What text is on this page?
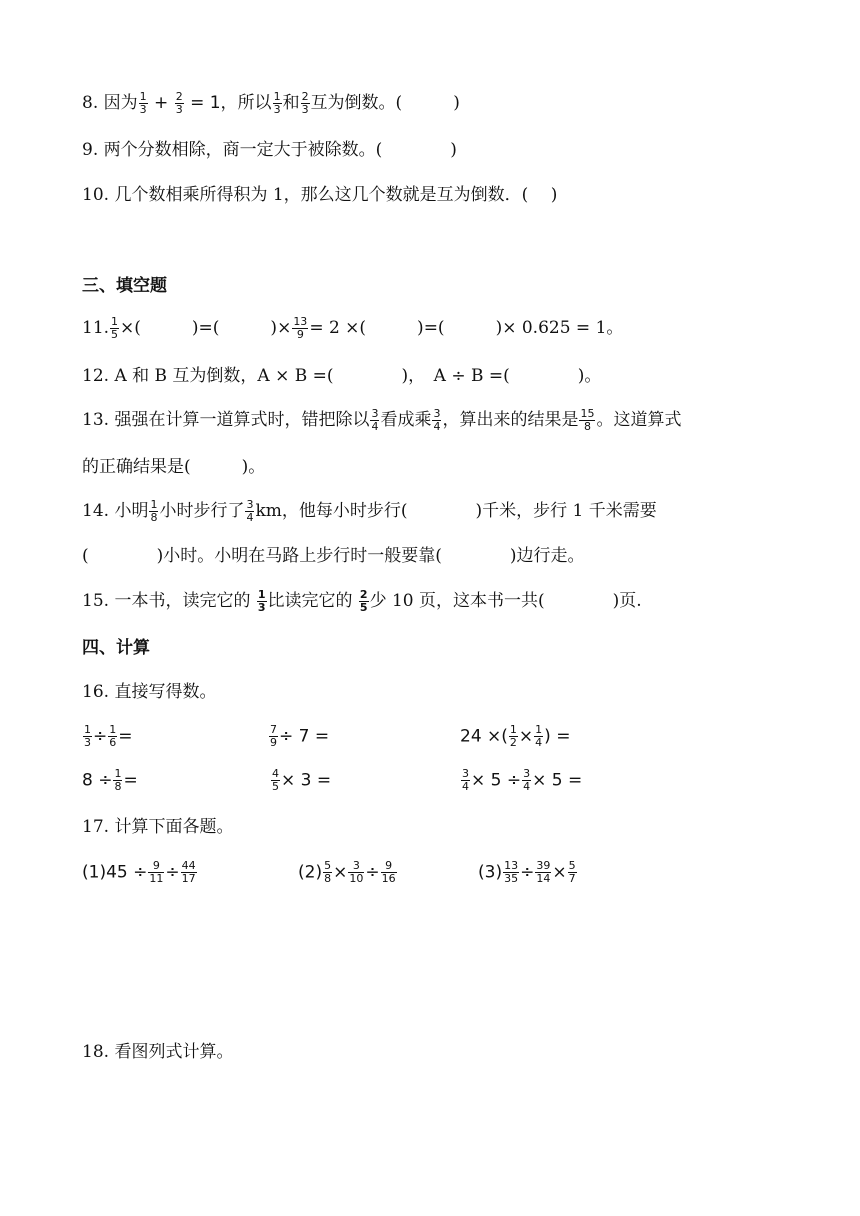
8. 因为 $\frac{1}{3} + \frac{2}{3} = 1$，所以 $\frac{1}{3}$ 和 $\frac{2}{3}$ 互为倒数。(　　　)
9. 两个分数相除，商一定大于被除数。(　　　　)
10. 几个数相乘所得积为 1，那么这几个数就是互为倒数．(　 )
三、填空题
11. $\frac{1}{5}$ ×(　　　)=(　　　)× $\frac{13}{9} = 2$ ×(　　　)=(　　　)× 0.625 = 1。
12. A 和 B 互为倒数，A × B =(　　　　)，　A ÷ B =(　　　　)。
13. 强强在计算一道算式时，错把除以 $\frac{3}{4}$ 看成乘 $\frac{3}{4}$ ，算出来的结果是 $\frac{15}{8}$ 。这道算式
的正确结果是(　　　)。
14. 小明 $\frac{1}{8}$ 小时步行了 $\frac{3}{4}$ km，他每小时步行(　　　　)千米，步行 1 千米需要
(　　　　)小时。小明在马路上步行时一般要靠(　　　　)边行走。
15. 一本书，读完它的 $\frac{1}{3}$ 比读完它的 $\frac{2}{5}$ 少 10 页，这本书一共(　　　　)页.
四、计算
16. 直接写得数。
$\frac{1}{3} \div \frac{1}{6}$ =	$\frac{7}{9} \div 7$ =	24 ×( $\frac{1}{2} \times \frac{1}{4}$ ) =
$8 \div \frac{1}{8}$ =	$\frac{4}{5} \times 3$ =	$\frac{3}{4} \times 5 \div \frac{3}{4} \times 5$ =
17. 计算下面各题。
$(1)45 \div \frac{9}{11} \div \frac{44}{17}$	$(2) \frac{5}{8} \times \frac{3}{10} \div \frac{9}{16}$	$(3) \frac{13}{35} \div \frac{39}{14} \times \frac{5}{7}$
18. 看图列式计算。
